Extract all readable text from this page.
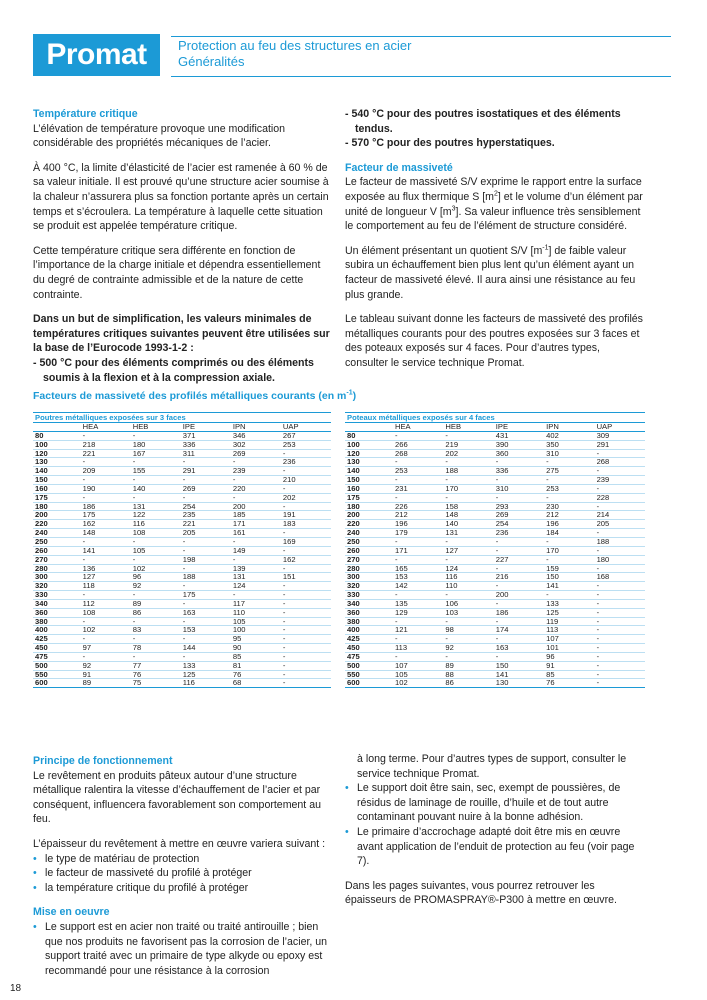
Promat	Protection au feu des structures en acier
Généralités
Température critique

L’élévation de température provoque une modification considérable des propriétés mécaniques de l’acier.

À 400 °C, la limite d’élasticité de l’acier est ramenée à 60 % de sa valeur initiale. Il est prouvé qu’une structure acier soumise à la chaleur n’assurera plus sa fonction portante après un certain temps et s’écroulera. La température à laquelle cette situation se produit est appelée température critique.

Cette température critique sera différente en fonction de l’importance de la charge initiale et dépendra essentiellement du degré de contrainte admissible et de la nature de cette contrainte.

Dans un but de simplification, les valeurs minimales de températures critiques suivantes peuvent être utilisées sur la base de l’Eurocode 1993-1-2 :

- 500 °C pour des éléments comprimés ou des éléments soumis à la flexion et à la compression axiale.

- 540 °C pour des poutres isostatiques et des éléments tendus.

- 570 °C pour des poutres hyperstatiques.

Facteur de massiveté

Le facteur de massiveté S/V exprime le rapport entre la surface exposée au flux thermique S $[m^2]$ et le volume d’un élément par unité de longueur V $[m^3]$. Sa valeur influence très sensiblement le comportement au feu de l’élément de structure considéré.

Un élément présentant un quotient S/V $[m^{-1}]$ de faible valeur subira un échauffement bien plus lent qu’un élément ayant un facteur de massiveté élevé. Il aura ainsi une résistance au feu plus grande.

Le tableau suivant donne les facteurs de massiveté des profilés métalliques courants pour des poutres exposées sur 3 faces et des poteaux exposés sur 4 faces. Pour d’autres types, consulter le service technique Promat.

Facteurs de massiveté des profilés métalliques courants (en $m^{-1}$)
Poutres métalliques exposées sur 3 faces					
	HEA	HEB	IPE	IPN	UAP
80	-	-	371	346	267
100	218	180	336	302	253
120	221	167	311	269	-
130	-	-	-	-	236
140	209	155	291	239	-
150	-	-	-	-	210
160	190	140	269	220	-
175	-	-	-	-	202
180	186	131	254	200	-
200	175	122	235	185	191
220	162	116	221	171	183
240	148	108	205	161	-
250	-	-	-	-	169
260	141	105	-	149	-
270	-	-	198	-	162
280	136	102	-	139	-
300	127	96	188	131	151
320	118	92	-	124	-
330	-	-	175	-	-
340	112	89	-	117	-
360	108	86	163	110	-
380	-	-	-	105	-
400	102	83	153	100	-
425	-	-	-	95	-
450	97	78	144	90	-
475	-	-	-	85	-
500	92	77	133	81	-
550	91	76	125	76	-
600	89	75	116	68	-
Poteaux métalliques exposés sur 4 faces					
	HEA	HEB	IPE	IPN	UAP
80	-	-	431	402	309
100	266	219	390	350	291
120	268	202	360	310	-
130	-	-	-	-	268
140	253	188	336	275	-
150	-	-	-	-	239
160	231	170	310	253	-
175	-	-	-	-	228
180	226	158	293	230	-
200	212	148	269	212	214
220	196	140	254	196	205
240	179	131	236	184	-
250	-	-	-	-	188
260	171	127	-	170	-
270	-	-	227	-	180
280	165	124	-	159	-
300	153	116	216	150	168
320	142	110	-	141	-
330	-	-	200	-	-
340	135	106	-	133	-
360	129	103	186	125	-
380	-	-	-	119	-
400	121	98	174	113	-
425	-	-	-	107	-
450	113	92	163	101	-
475	-	-	-	96	-
500	107	89	150	91	-
550	105	88	141	85	-
600	102	86	130	76	-
Principe de fonctionnement

Le revêtement en produits pâteux autour d’une structure métallique ralentira la vitesse d’échauffement de l’acier et par conséquent, influencera favorablement son comportement au feu.

L’épaisseur du revêtement à mettre en œuvre variera suivant :
• le type de matériau de protection
• le facteur de massiveté du profilé à protéger
• la température critique du profilé à protéger
Mise en oeuvre
• Le support est en acier non traité ou traité antirouille ; bien que nos produits ne favorisent pas la corrosion de l’acier, un support traité avec un primaire de type alkyde ou epoxy est recommandé pour une résistance à la corrosion
à long terme. Pour d’autres types de support, consulter le service technique Promat.
• Le support doit être sain, sec, exempt de poussières, de résidus de laminage de rouille, d’huile et de tout autre contaminant pouvant nuire à la bonne adhésion.
• Le primaire d’accrochage adapté doit être mis en œuvre avant application de l’enduit de protection au feu (voir page 7).

Dans les pages suivantes, vous pourrez retrouver les épaisseurs de PROMASPRAY®-P300 à mettre en œuvre.

18
